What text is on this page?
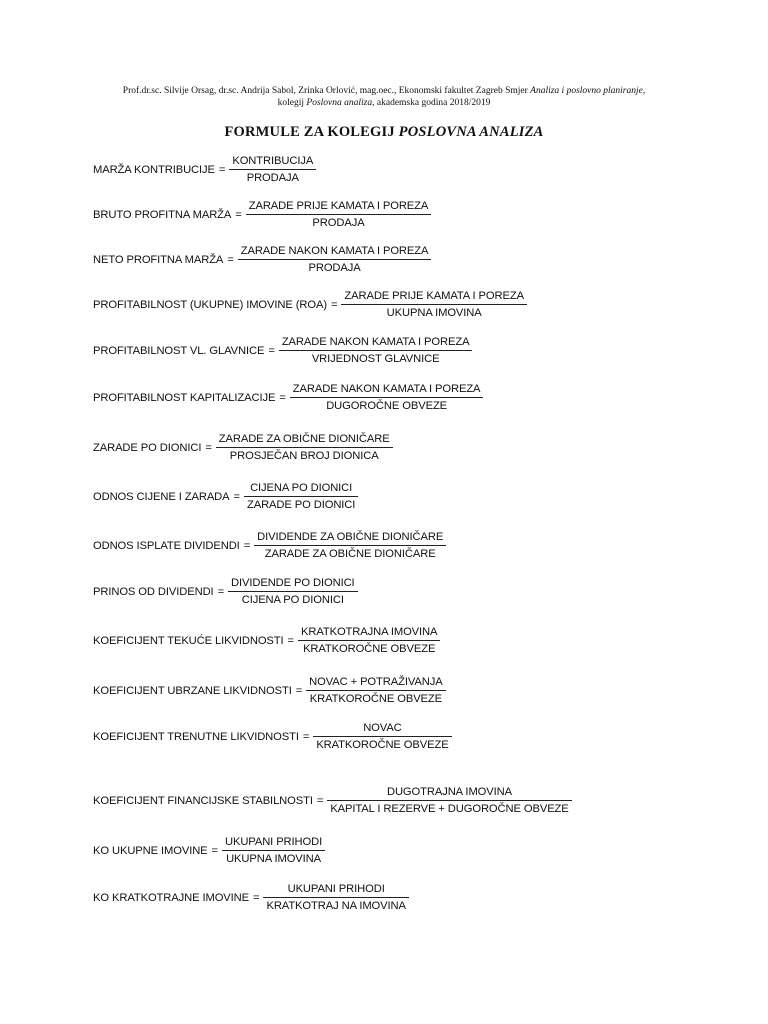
Prof.dr.sc. Silvije Orsag, dr.sc. Andrija Sabol, Zrinka Orlović, mag.oec., Ekonomski fakultet Zagreb Smjer Analiza i poslovno planiranje,
kolegij Poslovna analiza, akademska godina 2018/2019
FORMULE ZA KOLEGIJ POSLOVNA ANALIZA
MARŽA KONTRIBUCIJE = $\frac{\text{KONTRIBUCIJA}}{\text{PRODAJA}}$
BRUTO PROFITNA MARŽA = $\frac{\text{ZARADE PRIJE KAMATA I POREZA}}{\text{PRODAJA}}$
NETO PROFITNA MARŽA = $\frac{\text{ZARADE NAKON KAMATA I POREZA}}{\text{PRODAJA}}$
PROFITABILNOST (UKUPNE) IMOVINE $(ROA) = \frac{\text{ZARADE PRIJE KAMATA I POREZA}}{\text{UKUPNA IMOVINA}}$
PROFITABILNOST VL. GLAVNICE = $\frac{\text{ZARADE NAKON KAMATA I POREZA}}{\text{VRIJEDNOST GLAVNICE}}$
PROFITABILNOST KAPITALIZACIJE = $\frac{\text{ZARADE NAKON KAMATA I POREZA}}{\text{DUGOROČNE OBVEZE}}$
ZARADE PO DIONICI = $\frac{\text{ZARADE ZA OBIČNE DIONIČARE}}{\text{PROSJEČAN BROJ DIONICA}}$
ODNOS CIJENE I ZARADA = $\frac{\text{CIJENA PO DIONICI}}{\text{ZARADE PO DIONICI}}$
ODNOS ISPLATE DIVIDENDI = $\frac{\text{DIVIDENDE ZA OBIČNE DIONIČARE}}{\text{ZARADE ZA OBIČNE DIONIČARE}}$
PRINOS OD DIVIDENDI = $\frac{\text{DIVIDENDE PO DIONICI}}{\text{CIJENA PO DIONICI}}$
KOEFICIJENT TEKUĆE LIKVIDNOSTI = $\frac{\text{KRATKOTRAJNA IMOVINA}}{\text{KRATKOROČNE OBVEZE}}$
KOEFICIJENT UBRZANE LIKVIDNOSTI = $\frac{\text{NOVAC + POTRAŽIVANJA}}{\text{KRATKOROČNE OBVEZE}}$
KOEFICIJENT TRENUTNE LIKVIDNOSTI = $\frac{\text{NOVAC}}{\text{KRATKOROČNE OBVEZE}}$
KOEFICIJENT FINANCIJSKE STABILNOSTI = $\frac{\text{DUGOTRAJNA IMOVINA}}{\text{KAPITAL I REZERVE + DUGOROČNE OBVEZE}}$
KO UKUPNE IMOVINE = $\frac{\text{UKUPANI PRIHODI}}{\text{UKUPNA IMOVINA}}$
KO KRATKOTRAJNE IMOVINE = $\frac{\text{UKUPANI PRIHODI}}{\text{KRATKOTRAJ NA IMOVINA}}$
